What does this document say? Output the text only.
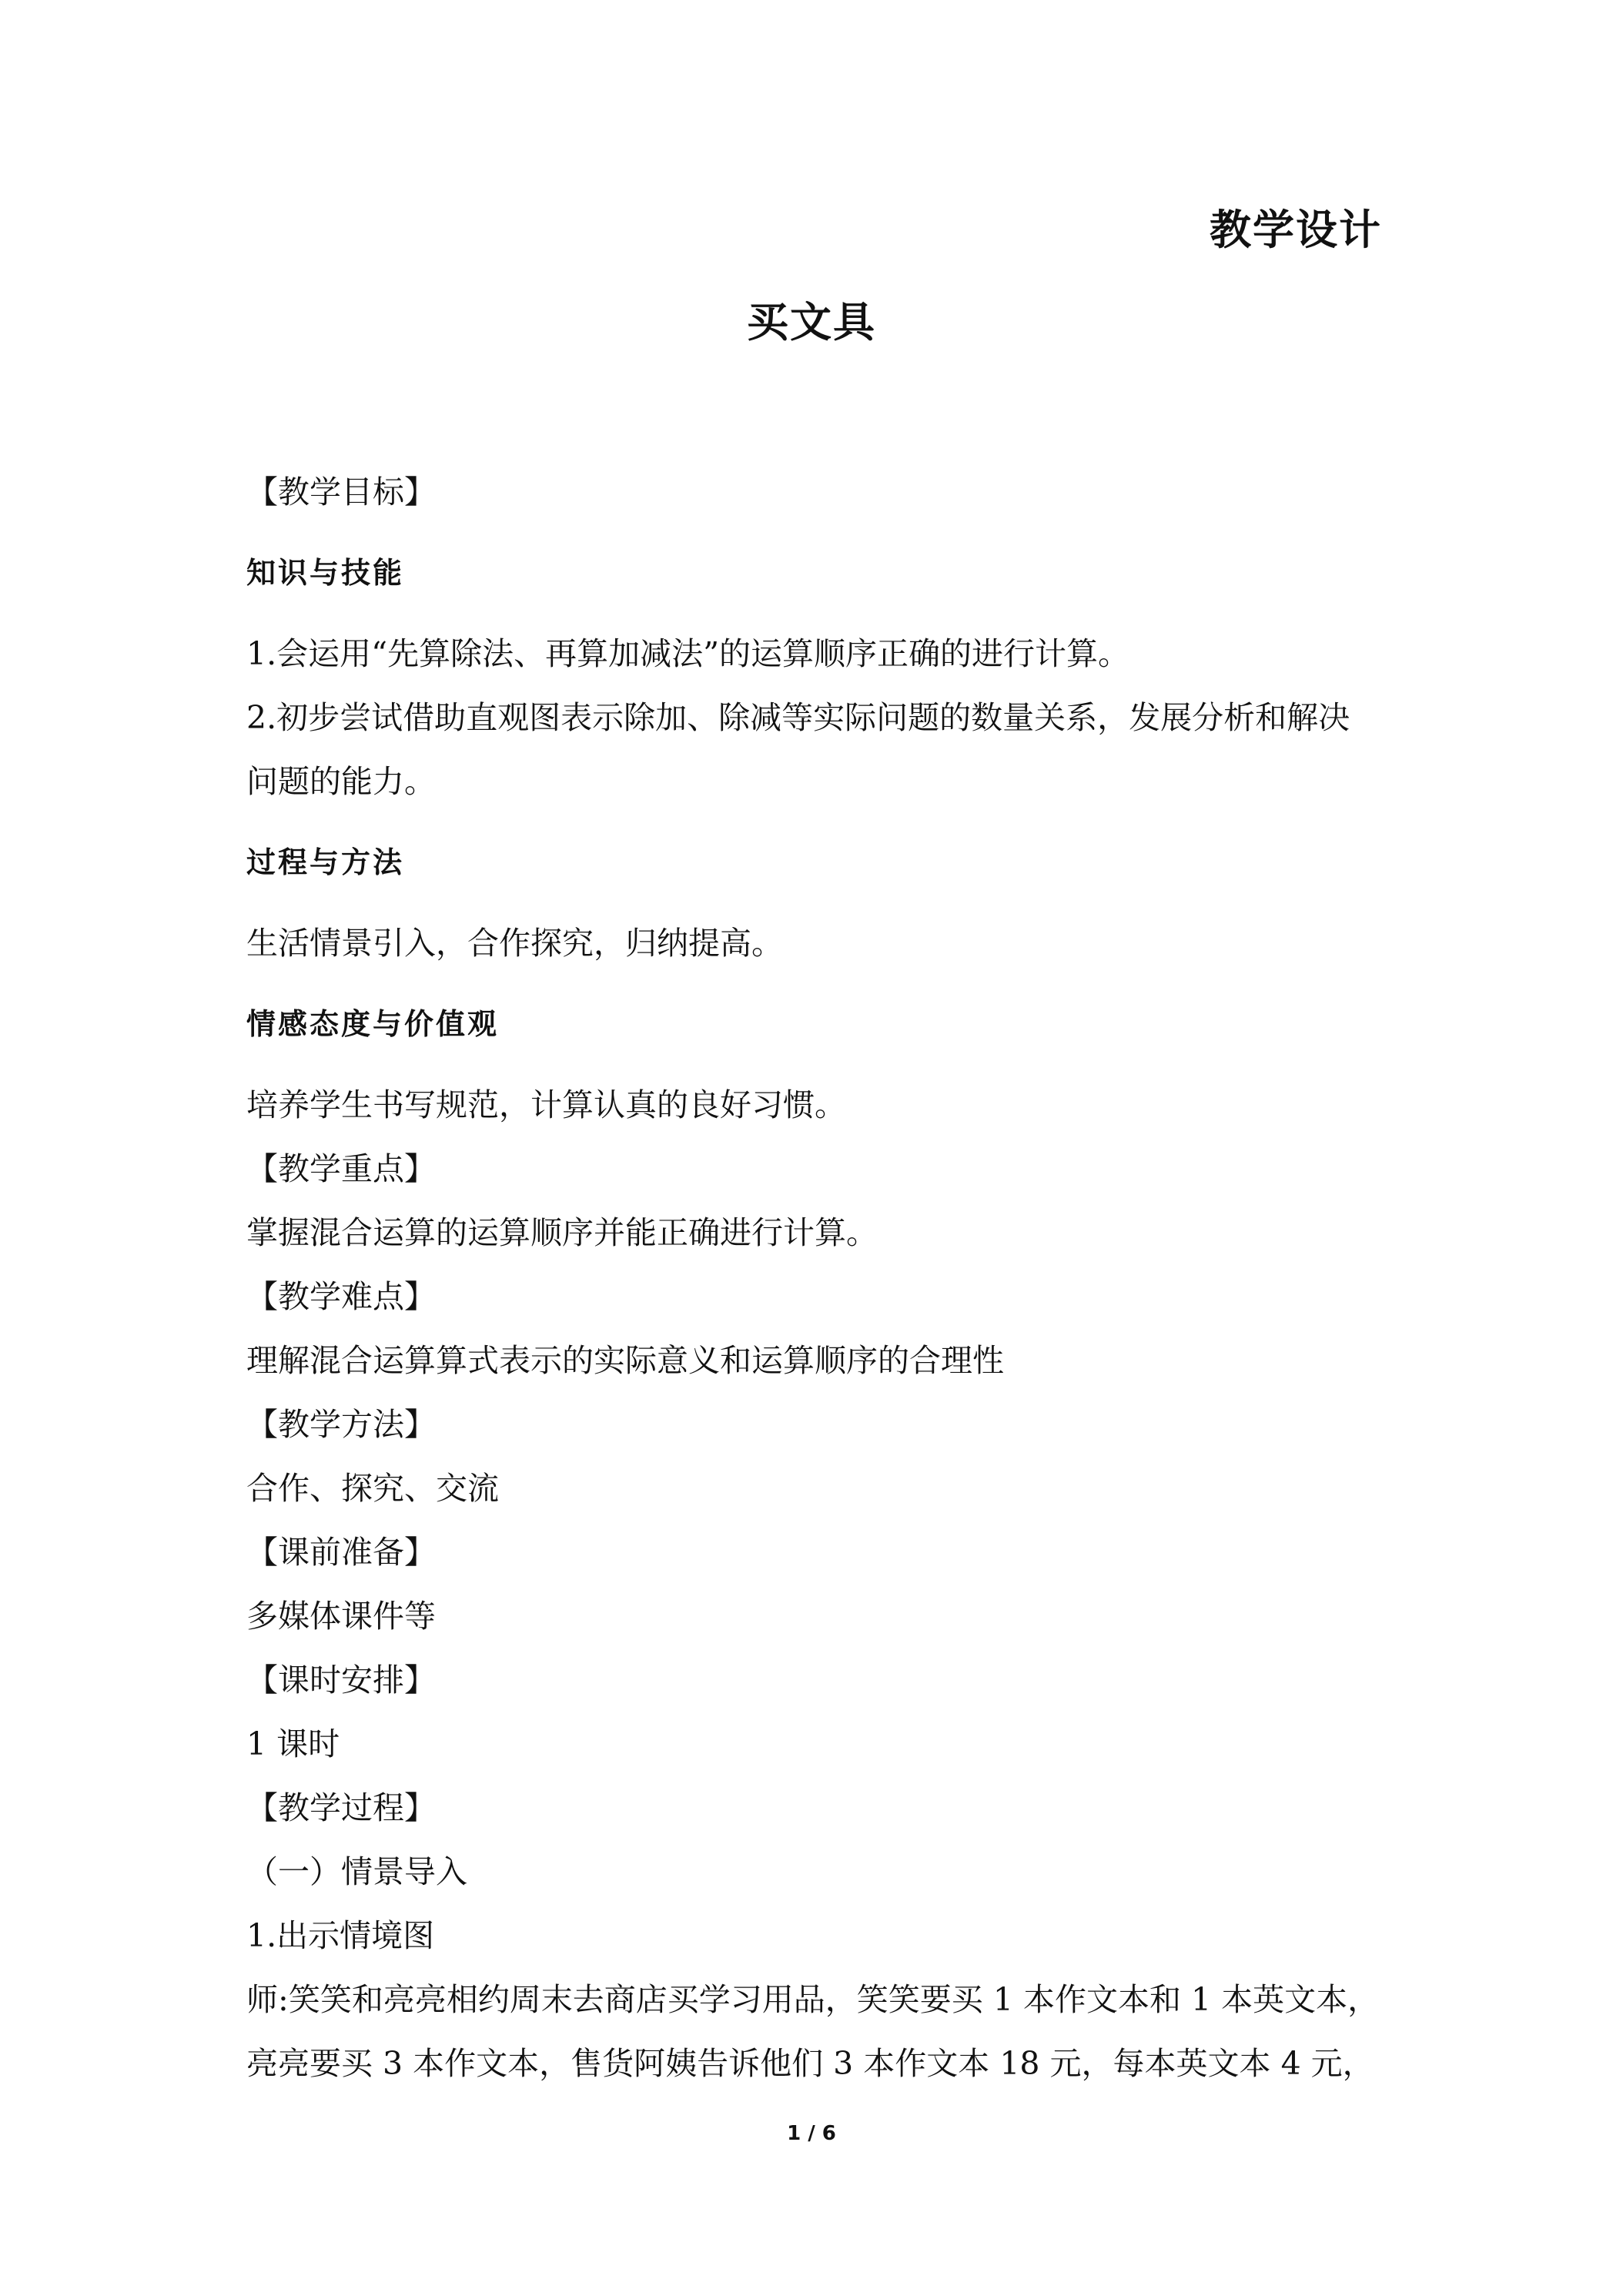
教学设计
买文具
【教学目标】
知识与技能
1.会运用“先算除法、再算加减法”的运算顺序正确的进行计算。
2.初步尝试借助直观图表示除加、除减等实际问题的数量关系，发展分析和解决
问题的能力。
过程与方法
生活情景引入，合作探究，归纳提高。
情感态度与价值观
培养学生书写规范，计算认真的良好习惯。
【教学重点】
掌握混合运算的运算顺序并能正确进行计算。
【教学难点】
理解混合运算算式表示的实际意义和运算顺序的合理性
【教学方法】
合作、探究、交流
【课前准备】
多媒体课件等
【课时安排】
1 课时
【教学过程】
（一）情景导入
1.出示情境图
师:笑笑和亮亮相约周末去商店买学习用品，笑笑要买 1 本作文本和 1 本英文本，
亮亮要买 3 本作文本，售货阿姨告诉他们 3 本作文本 18 元，每本英文本 4 元，
1 / 6
